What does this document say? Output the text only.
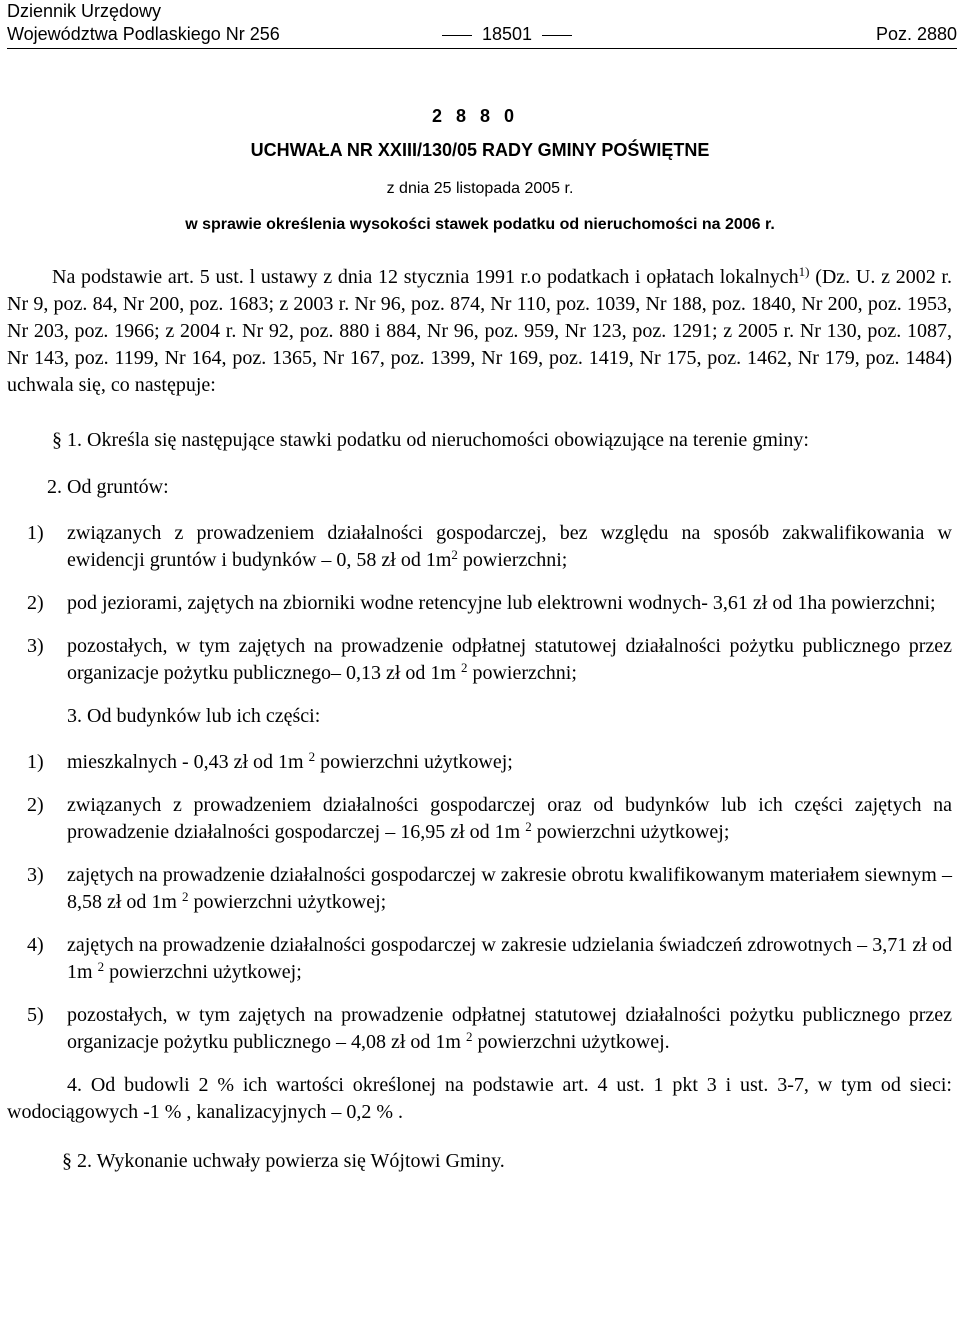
Dziennik Urzędowy
Województwa Podlaskiego Nr 256	18501	Poz. 2880
2880
UCHWAŁA NR XXIII/130/05 RADY GMINY POŚWIĘTNE
z dnia 25 listopada 2005 r.
w sprawie określenia wysokości stawek podatku od nieruchomości na 2006 r.

Na podstawie art. 5 ust. l ustawy z dnia 12 stycznia 1991 r.o podatkach i opłatach lokalnych$^{1)}$ (Dz. U. z 2002 r. Nr 9, poz. 84, Nr 200, poz. 1683; z 2003 r. Nr 96, poz. 874, Nr 110, poz. 1039, Nr 188, poz. 1840, Nr 200, poz. 1953, Nr 203, poz. 1966; z 2004 r. Nr 92, poz. 880 i 884, Nr 96, poz. 959, Nr 123, poz. 1291; z 2005 r. Nr 130, poz. 1087, Nr 143, poz. 1199, Nr 164, poz. 1365, Nr 167, poz. 1399, Nr 169, poz. 1419, Nr 175, poz. 1462, Nr 179, poz. 1484) uchwala się, co następuje:

§ 1. Określa się następujące stawki podatku od nieruchomości obowiązujące na terenie gminy:

2. Od gruntów:

1) związanych z prowadzeniem działalności gospodarczej, bez względu na sposób zakwalifikowania w ewidencji gruntów i budynków – 0, 58 zł od $1m^2$ powierzchni;
2) pod jeziorami, zajętych na zbiorniki wodne retencyjne lub elektrowni wodnych- 3,61 zł od 1ha powierzchni;
3) pozostałych, w tym zajętych na prowadzenie odpłatnej statutowej działalności pożytku publicznego przez organizacje pożytku publicznego– 0,13 zł od 1m $^2$ powierzchni;

3. Od budynków lub ich części:

1) mieszkalnych - 0,43 zł od 1m $^2$ powierzchni użytkowej;
2) związanych z prowadzeniem działalności gospodarczej oraz od budynków lub ich części zajętych na prowadzenie działalności gospodarczej – 16,95 zł od 1m $^2$ powierzchni użytkowej;
3) zajętych na prowadzenie działalności gospodarczej w zakresie obrotu kwalifikowanym materiałem siewnym – 8,58 zł od 1m $^2$ powierzchni użytkowej;
4) zajętych na prowadzenie działalności gospodarczej w zakresie udzielania świadczeń zdrowotnych – 3,71 zł od 1m $^2$ powierzchni użytkowej;
5) pozostałych, w tym zajętych na prowadzenie odpłatnej statutowej działalności pożytku publicznego przez organizacje pożytku publicznego – 4,08 zł od 1m $^2$ powierzchni użytkowej.

4. Od budowli 2 % ich wartości określonej na podstawie art. 4 ust. 1 pkt 3 i ust. 3-7, w tym od sieci: wodociągowych -1 % , kanalizacyjnych – 0,2 % .

§ 2. Wykonanie uchwały powierza się Wójtowi Gminy.
